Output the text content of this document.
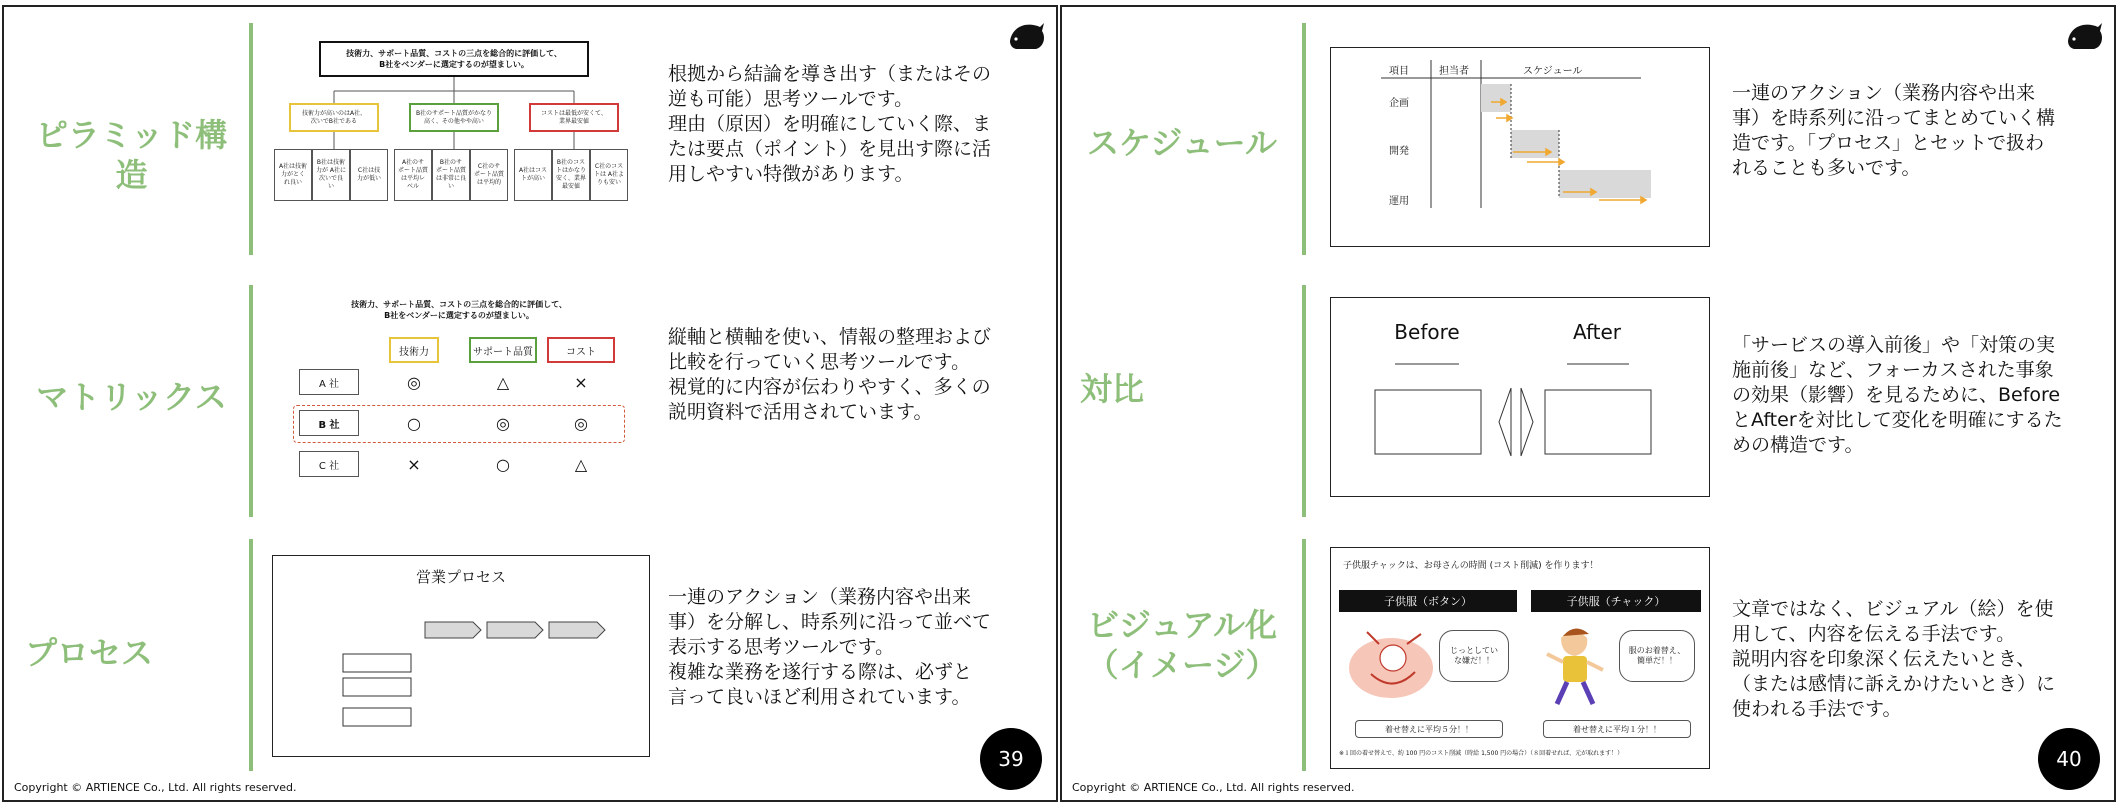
ピラミッド構造
技術力、サポート品質、コストの三点を総合的に評価して、
B社をベンダーに選定するのが望ましい。
技術力が高いのはA社、
次いでB社である
B社のサポート品質がかなり
高く、その他やや高い
コストは最低が安くて、
業界最安値
A社は技術
力がとく
れ良い
B社は技術
力が A社に
次いで良
い
C社は技
力が低い
A社のサ
ポート品質
は平均レ
ベル
B社のサ
ポート品質
は非常に良
い
C社のサ
ポート品質
は平均的
A社はコス
トが高い
B社のコス
トはかなり
安く、業界
最安値
C社のコス
トは A社よ
りも安い
根拠から結論を導き出す（またはその
逆も可能）思考ツールです。
理由（原因）を明確にしていく際、ま
たは要点（ポイント）を見出す際に活
用しやすい特徴があります。
マトリックス
技術力、サポート品質、コストの三点を総合的に評価して、
B社をベンダーに選定するのが望ましい。
技術力	サポート品質	コスト
A 社	◎	△	×
B 社	○	◎	◎
C 社	×	○	△
縦軸と横軸を使い、情報の整理および
比較を行っていく思考ツールです。
視覚的に内容が伝わりやすく、多くの
説明資料で活用されています。
プロセス
営業プロセス
一連のアクション（業務内容や出来
事）を分解し、時系列に沿って並べて
表示する思考ツールです。
複雑な業務を遂行する際は、必ずと
言って良いほど利用されています。
Copyright © ARTIENCE Co., Ltd. All rights reserved.
39
スケジュール
項目	担当者	スケジュール
企画
開発
運用
一連のアクション（業務内容や出来
事）を時系列に沿ってまとめていく構
造です。「プロセス」とセットで扱わ
れることも多いです。
対比
Before	After
「サービスの導入前後」や「対策の実
施前後」など、フォーカスされた事象
の効果（影響）を見るために、Before
とAfterを対比して変化を明確にするた
めの構造です。
ビジュアル化
（イメージ）
子供服チャックは、お母さんの時間 (コスト削減) を作ります！
子供服（ボタン）	子供服（チャック）
じっとしてい
な嫌だ！！
服のお着替え、
簡単だ！！
着せ替えに平均５分！！	着せ替えに平均１分！！
※１回の着せ替えで、約 100 円のコスト削減（時給 1,500 円の場合）（８回着せれば、元が取れます！）
文章ではなく、ビジュアル（絵）を使
用して、内容を伝える手法です。
説明内容を印象深く伝えたいとき、
（または感情に訴えかけたいとき）に
使われる手法です。
Copyright © ARTIENCE Co., Ltd. All rights reserved.
40
